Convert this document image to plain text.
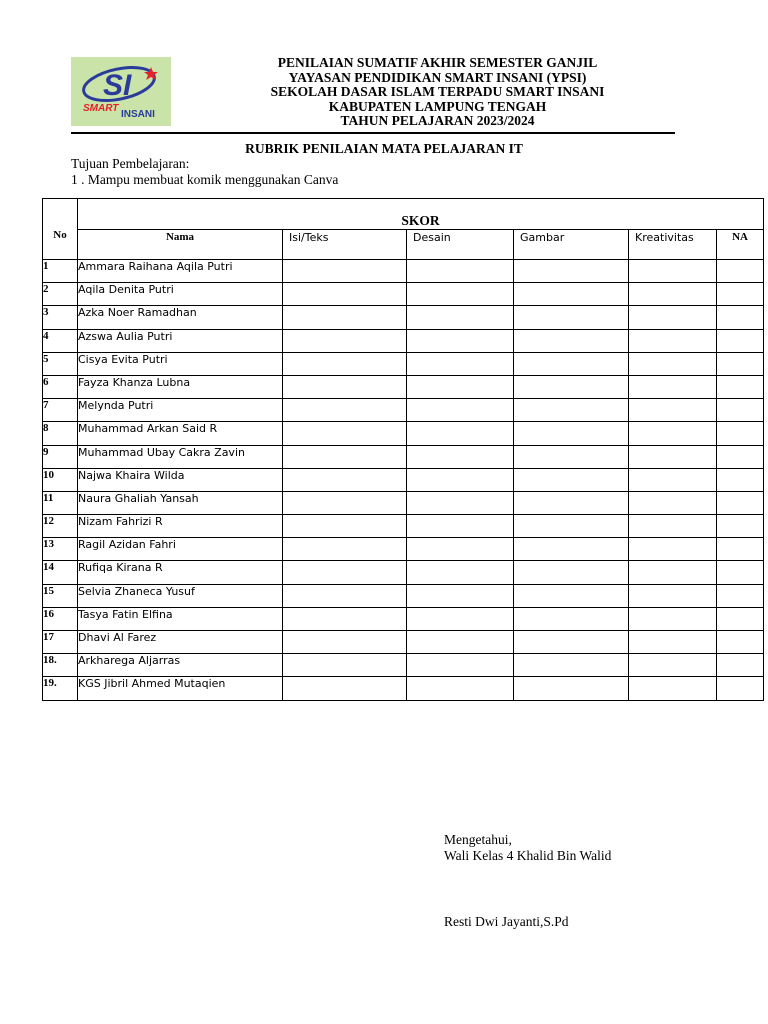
SI
SMART
INSANI
PENILAIAN SUMATIF AKHIR SEMESTER GANJIL
YAYASAN PENDIDIKAN SMART INSANI (YPSI)
SEKOLAH DASAR ISLAM TERPADU SMART INSANI
KABUPATEN LAMPUNG TENGAH
TAHUN PELAJARAN 2023/2024
RUBRIK PENILAIAN MATA PELAJARAN IT
Tujuan Pembelajaran:
1 . Mampu membuat komik menggunakan Canva
No	SKOR					

	Nama	Isi/Teks	Desain	Gambar	Kreativitas	NA

1	Ammara Raihana Aqila Putri					
2	Aqila Denita Putri					
3	Azka Noer Ramadhan					
4	Azswa Aulia Putri					
5	Cisya Evita Putri					
6	Fayza Khanza Lubna					
7	Melynda Putri					
8	Muhammad Arkan Said R					
9	Muhammad Ubay Cakra Zavin					
10	Najwa Khaira Wilda					
11	Naura Ghaliah Yansah					
12	Nizam Fahrizi R					
13	Ragil Azidan Fahri					
14	Rufiqa Kirana R					
15	Selvia Zhaneca Yusuf					
16	Tasya Fatin Elfina					
17	Dhavi Al Farez					
18.	Arkharega Aljarras					
19.	KGS Jibril Ahmed Mutaqien					
Mengetahui,
Wali Kelas 4 Khalid Bin Walid
Resti Dwi Jayanti,S.Pd
